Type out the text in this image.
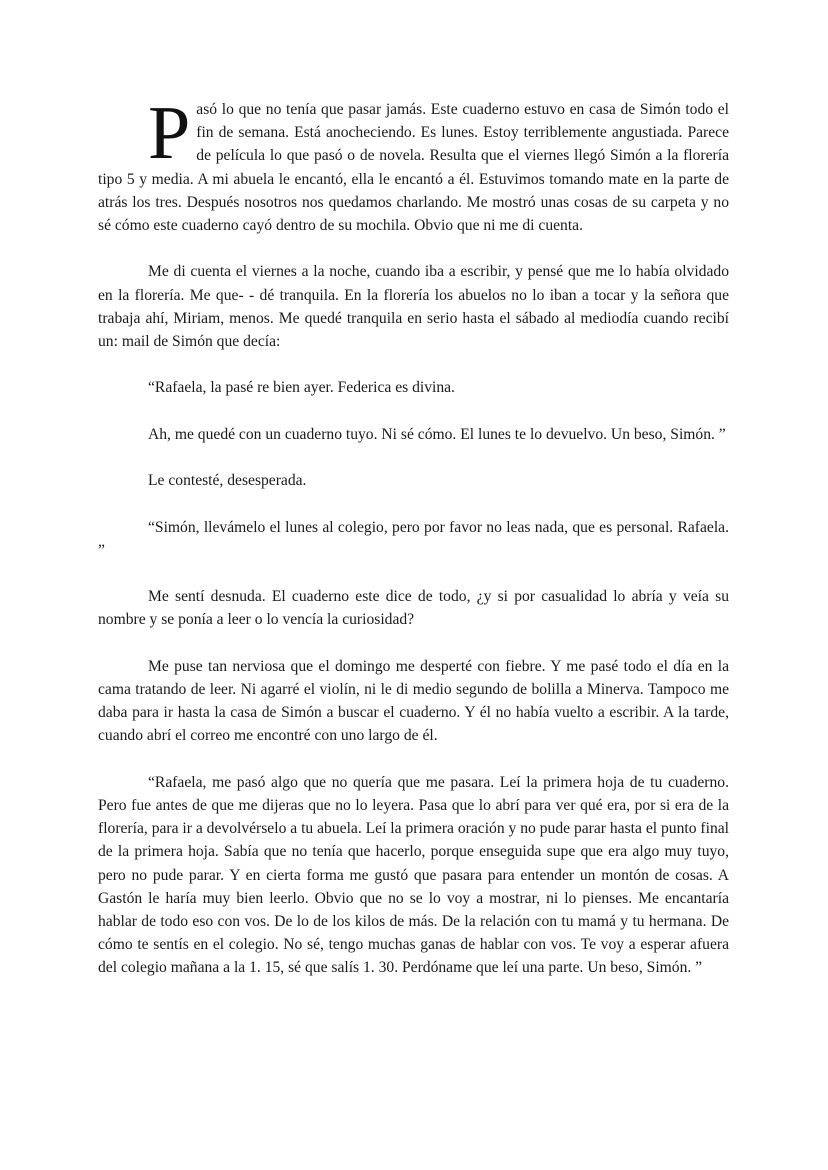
Pasó lo que no tenía que pasar jamás. Este cuaderno estuvo en casa de Simón todo el fin de semana. Está anocheciendo. Es lunes. Estoy terriblemente angustiada. Parece de película lo que pasó o de novela. Resulta que el viernes llegó Simón a la florería tipo 5 y media. A mi abuela le encantó, ella le encantó a él. Estuvimos tomando mate en la parte de atrás los tres. Después nosotros nos quedamos charlando. Me mostró unas cosas de su carpeta y no sé cómo este cuaderno cayó dentro de su mochila. Obvio que ni me di cuenta.

Me di cuenta el viernes a la noche, cuando iba a escribir, y pensé que me lo había olvidado en la florería. Me que- - dé tranquila. En la florería los abuelos no lo iban a tocar y la señora que trabaja ahí, Miriam, menos. Me quedé tranquila en serio hasta el sábado al mediodía cuando recibí un: mail de Simón que decía:

“Rafaela, la pasé re bien ayer. Federica es divina.

Ah, me quedé con un cuaderno tuyo. Ni sé cómo. El lunes te lo devuelvo. Un beso, Simón. ”

Le contesté, desesperada.

“Simón, llevámelo el lunes al colegio, pero por favor no leas nada, que es personal. Rafaela. ”

Me sentí desnuda. El cuaderno este dice de todo, ¿y si por casualidad lo abría y veía su nombre y se ponía a leer o lo vencía la curiosidad?

Me puse tan nerviosa que el domingo me desperté con fiebre. Y me pasé todo el día en la cama tratando de leer. Ni agarré el violín, ni le di medio segundo de bolilla a Minerva. Tampoco me daba para ir hasta la casa de Simón a buscar el cuaderno. Y él no había vuelto a escribir. A la tarde, cuando abrí el correo me encontré con uno largo de él.

“Rafaela, me pasó algo que no quería que me pasara. Leí la primera hoja de tu cuaderno. Pero fue antes de que me dijeras que no lo leyera. Pasa que lo abrí para ver qué era, por si era de la florería, para ir a devolvérselo a tu abuela. Leí la primera oración y no pude parar hasta el punto final de la primera hoja. Sabía que no tenía que hacerlo, porque enseguida supe que era algo muy tuyo, pero no pude parar. Y en cierta forma me gustó que pasara para entender un montón de cosas. A Gastón le haría muy bien leerlo. Obvio que no se lo voy a mostrar, ni lo pienses. Me encantaría hablar de todo eso con vos. De lo de los kilos de más. De la relación con tu mamá y tu hermana. De cómo te sentís en el colegio. No sé, tengo muchas ganas de hablar con vos. Te voy a esperar afuera del colegio mañana a la 1. 15, sé que salís 1. 30. Perdóname que leí una parte. Un beso, Simón. ”
